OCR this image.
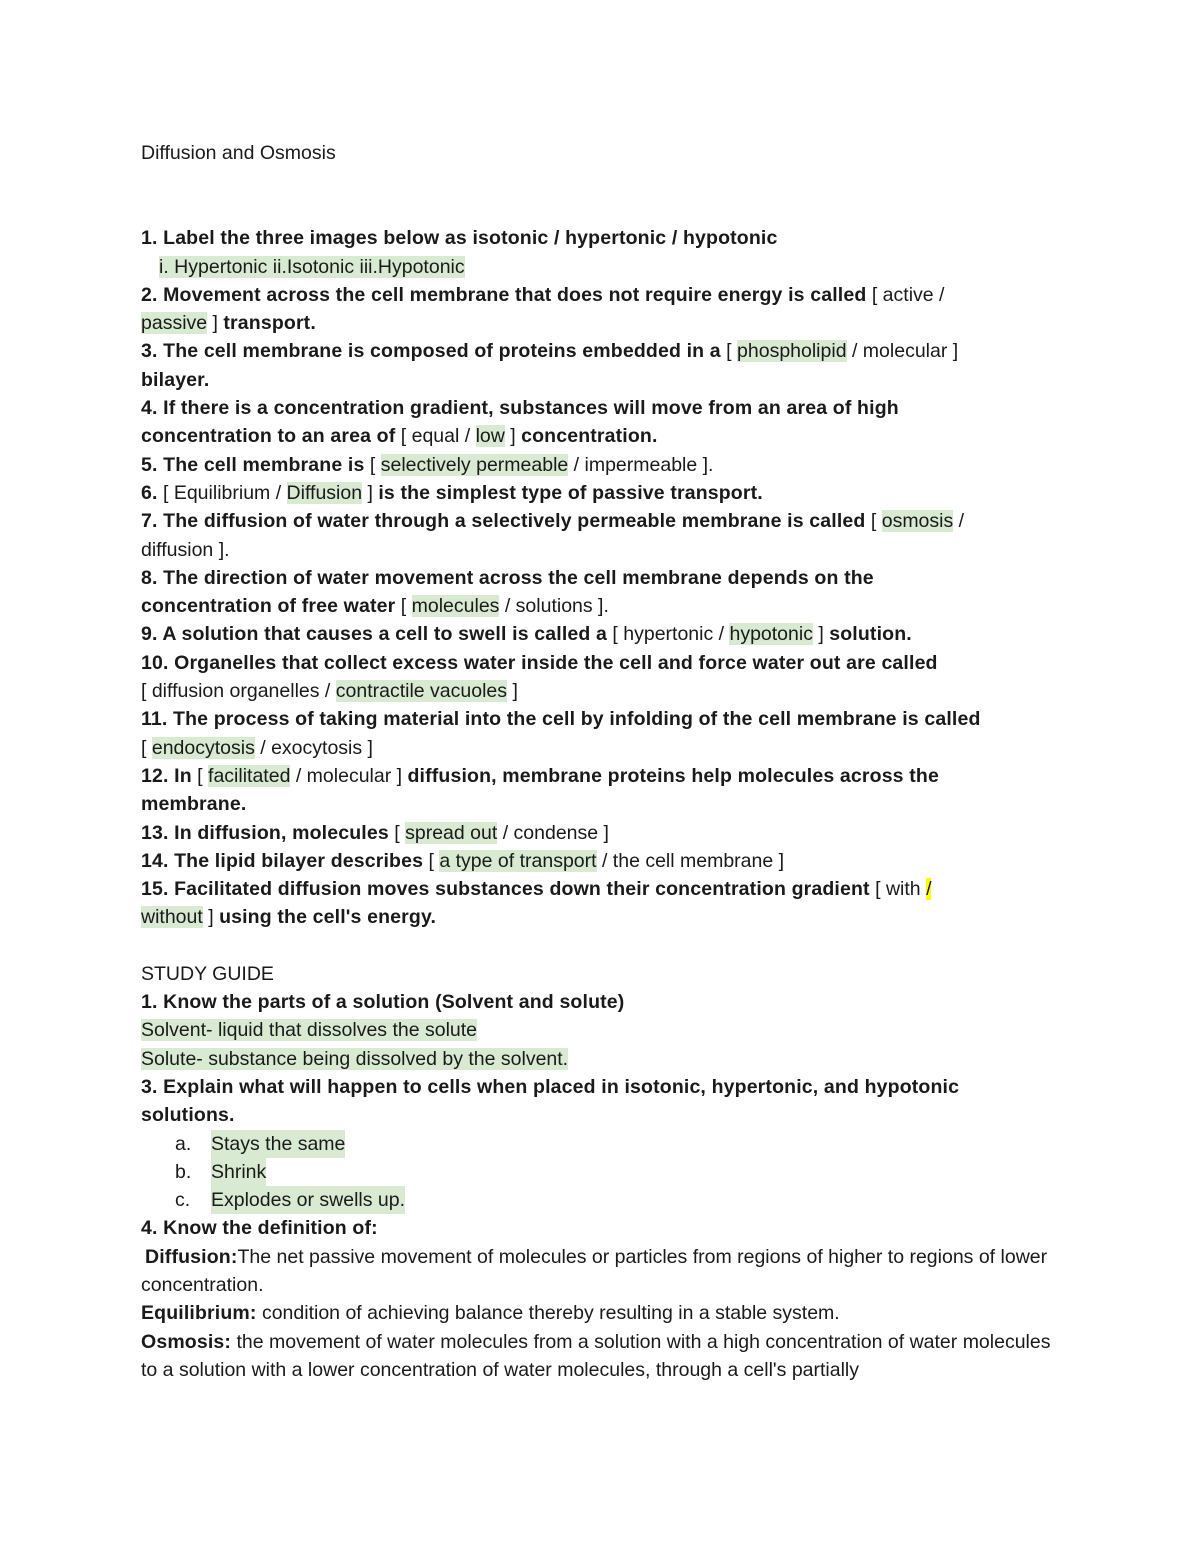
Diffusion and Osmosis
1. Label the three images below as isotonic / hypertonic / hypotonic
i. Hypertonic ii.Isotonic iii.Hypotonic
2. Movement across the cell membrane that does not require energy is called [ active /
passive ] transport.
3. The cell membrane is composed of proteins embedded in a [ phospholipid / molecular ]
bilayer.
4. If there is a concentration gradient, substances will move from an area of high
concentration to an area of [ equal / low ] concentration.
5. The cell membrane is [ selectively permeable / impermeable ].
6. [ Equilibrium / Diffusion ] is the simplest type of passive transport.
7. The diffusion of water through a selectively permeable membrane is called [ osmosis /
diffusion ].
8. The direction of water movement across the cell membrane depends on the
concentration of free water [ molecules / solutions ].
9. A solution that causes a cell to swell is called a [ hypertonic / hypotonic ] solution.
10. Organelles that collect excess water inside the cell and force water out are called
[ diffusion organelles / contractile vacuoles ]
11. The process of taking material into the cell by infolding of the cell membrane is called
[ endocytosis / exocytosis ]
12. In [ facilitated / molecular ] diffusion, membrane proteins help molecules across the
membrane.
13. In diffusion, molecules [ spread out / condense ]
14. The lipid bilayer describes [ a type of transport / the cell membrane ]
15. Facilitated diffusion moves substances down their concentration gradient [ with /
without ] using the cell's energy.
STUDY GUIDE
1. Know the parts of a solution (Solvent and solute)
Solvent- liquid that dissolves the solute
Solute- substance being dissolved by the solvent.
3. Explain what will happen to cells when placed in isotonic, hypertonic, and hypotonic
solutions.
a.	Stays the same
b.	Shrink
c.	Explodes or swells up.
4. Know the definition of:
Diffusion:The net passive movement of molecules or particles from regions of higher to regions of lower concentration.
Equilibrium: condition of achieving balance thereby resulting in a stable system.
Osmosis: the movement of water molecules from a solution with a high concentration of water molecules to a solution with a lower concentration of water molecules, through a cell's partially
